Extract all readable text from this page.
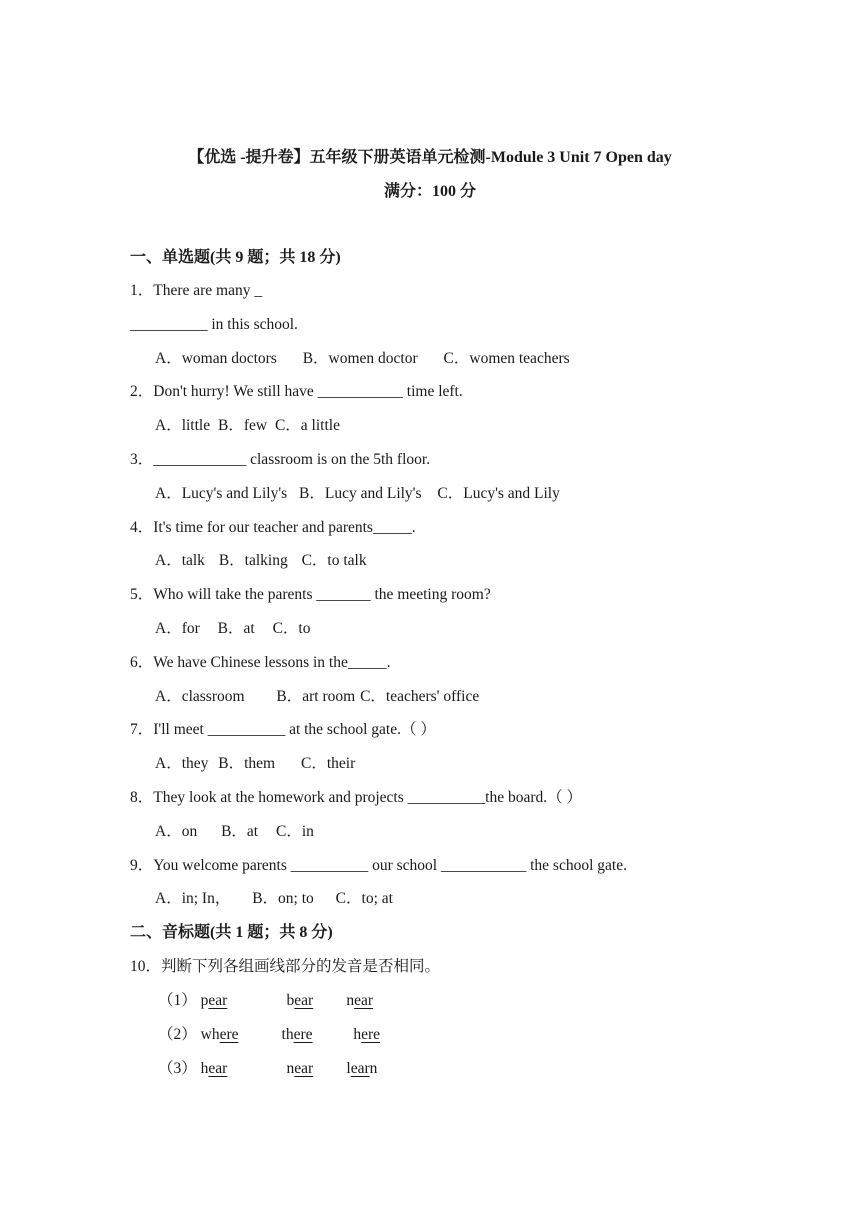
【优选 -提升卷】五年级下册英语单元检测-Module 3 Unit 7 Open day
满分：100 分
一、单选题(共 9 题；共 18 分)
1．There are many _
__________ in this school.
A．woman doctors B．women doctor C．women teachers
2．Don't hurry! We still have ___________ time left.
A．little B．few C．a little
3．____________ classroom is on the 5th floor.
A．Lucy's and Lily's B．Lucy and Lily's C．Lucy's and Lily
4．It's time for our teacher and parents_____.
A．talk B．talking C．to talk
5．Who will take the parents _______ the meeting room?
A．for B．at C．to
6．We have Chinese lessons in the_____.
A．classroom B．art room C．teachers' office
7．I'll meet __________ at the school gate.（ ）
A．they B．them C．their
8．They look at the homework and projects __________the board.（ ）
A．on B．at C．in
9．You welcome parents __________ our school ___________ the school gate.
A．in; In， B．on; to C．to; at
二、音标题(共 1 题；共 8 分)
10．判断下列各组画线部分的发音是否相同。
（1） pear	bear near
（2） where	there	here
（3） hear	near learn
